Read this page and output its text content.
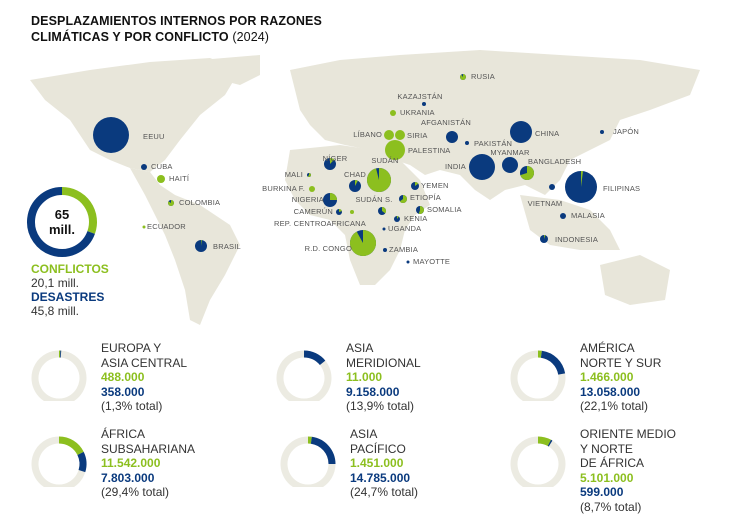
RUSIA
KAZAJSTÁN
UKRANIA
LÍBANO	SIRIA
PALESTINA
AFGANISTÁN
PAKISTÁN
INDIA
CHINA
MYANMAR
BANGLADESH
JAPÓN
VIETNAM
FILIPINAS
MALASIA
INDONESIA
EEUU
CUBA
HAITÍ
COLOMBIA
ECUADOR
BRASIL
NÍGER
MALI	CHAD
SUDÁN
BURKINA F.
NIGERIA
CAMERÚN
REP. CENTROAFRICANA
SUDÁN S. ETIOPÍA
YEMEN
SOMALIA
KENIA
UGANDA
R.D. CONGO	ZAMBIA
MAYOTTE
DESPLAZAMIENTOS INTERNOS POR RAZONES
CLIMÁTICAS Y POR CONFLICTO (2024)
65
mill.
CONFLICTOS
20,1 mill.
DESASTRES
45,8 mill.
EUROPA Y
ASIA CENTRAL
488.000
358.000
(1,3% total)
ASIA
MERIDIONAL
11.000
9.158.000
(13,9% total)
AMÉRICA
NORTE Y SUR
1.466.000
13.058.000
(22,1% total)
ÁFRICA
SUBSAHARIANA
11.542.000
7.803.000
(29,4% total)
ASIA
PACÍFICO
1.451.000
14.785.000
(24,7% total)
ORIENTE MEDIO
Y NORTE
DE ÁFRICA
5.101.000
599.000
(8,7% total)
